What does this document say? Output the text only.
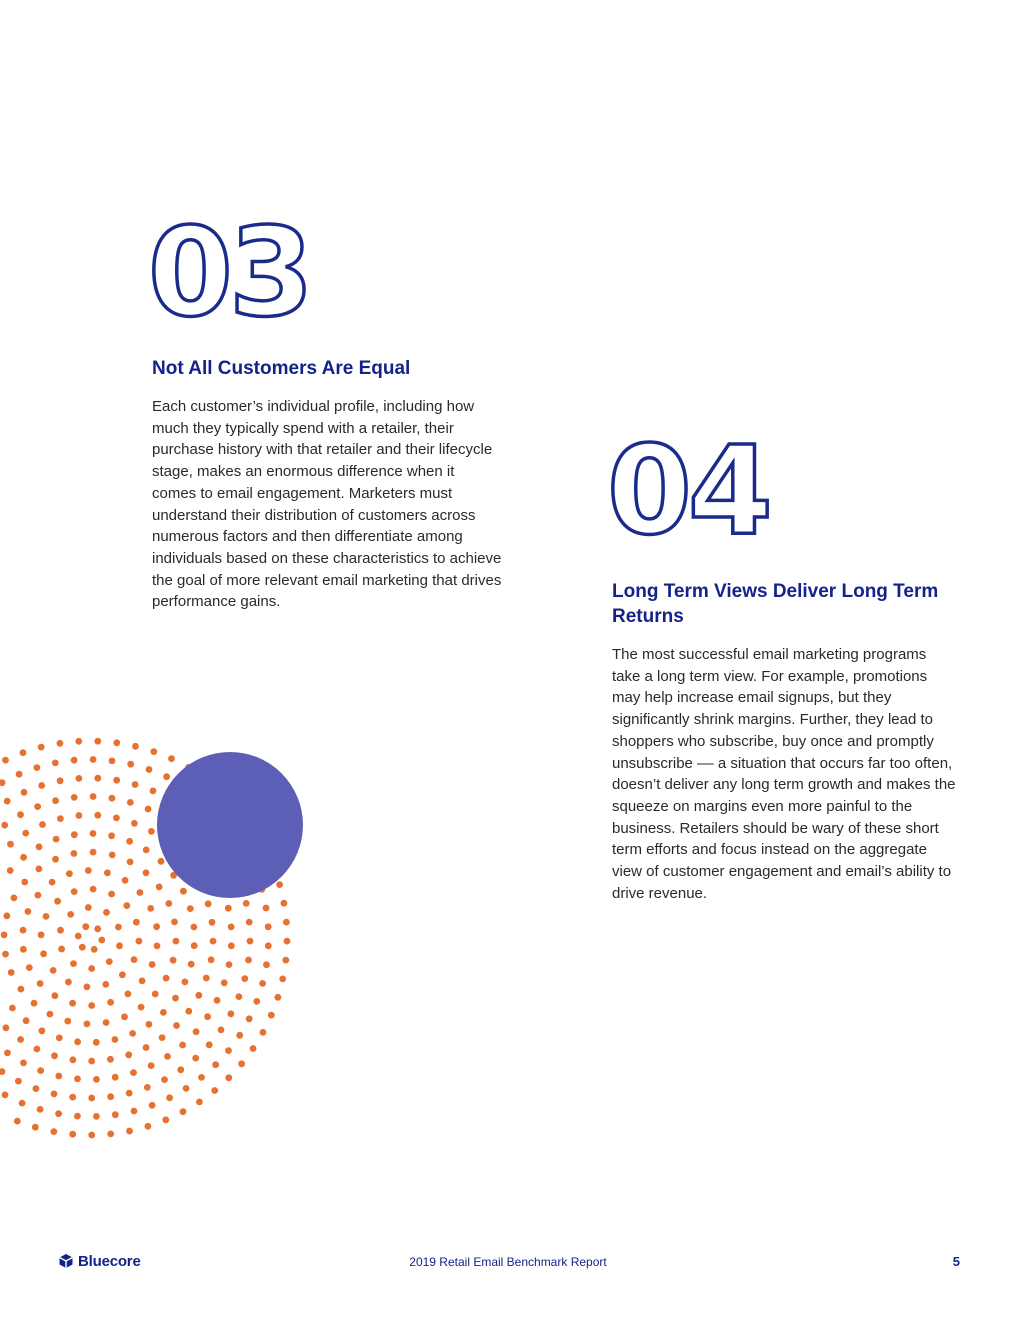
03
Not All Customers Are Equal

Each customer’s individual profile, including how much they typically spend with a retailer, their purchase history with that retailer and their lifecycle stage, makes an enormous difference when it comes to email engagement. Marketers must understand their distribution of customers across numerous factors and then differentiate among individuals based on these characteristics to achieve the goal of more relevant email marketing that drives performance gains.

04
Long Term Views Deliver Long Term Returns

The most successful email marketing programs take a long term view. For example, promotions may help increase email signups, but they significantly shrink margins. Further, they lead to shoppers who subscribe, buy once and promptly unsubscribe –– a situation that occurs far too often, doesn’t deliver any long term growth and makes the squeeze on margins even more painful to the business. Retailers should be wary of these short term efforts and focus instead on the aggregate view of customer engagement and email’s ability to drive revenue.

Bluecore	2019 Retail Email Benchmark Report	5
